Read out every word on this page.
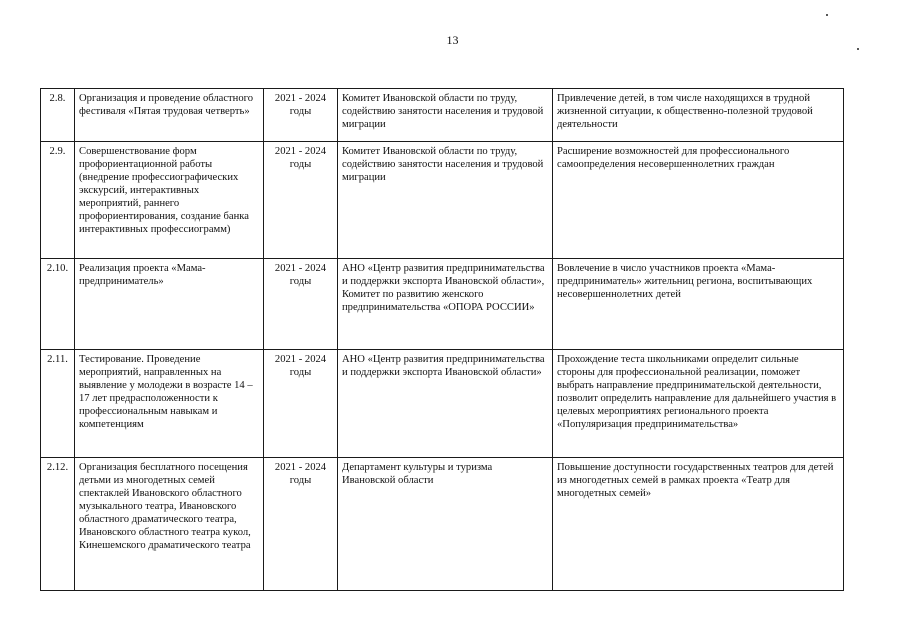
13
2.8.	Организация и проведение областного фестиваля «Пятая трудовая четверть»	2021 - 2024 годы	Комитет Ивановской области по труду, содействию занятости населения и трудовой миграции	Привлечение детей, в том числе находящихся в трудной жизненной ситуации, к общественно-полезной трудовой деятельности
2.9.	Совершенствование форм профориентационной работы (внедрение профессиографических экскурсий, интерактивных мероприятий, раннего профориентирования, создание банка интерактивных профессиограмм)	2021 - 2024 годы	Комитет Ивановской области по труду, содействию занятости населения и трудовой миграции	Расширение возможностей для профессионального самоопределения несовершеннолетних граждан
2.10.	Реализация проекта «Мама-предприниматель»	2021 - 2024 годы	АНО «Центр развития предпринимательства и поддержки экспорта Ивановской области», Комитет по развитию женского предпринимательства «ОПОРА РОССИИ»	Вовлечение в число участников проекта «Мама-предприниматель» жительниц региона, воспитывающих несовершеннолетних детей
2.11.	Тестирование. Проведение мероприятий, направленных на выявление у молодежи в возрасте 14 – 17 лет предрасположенности к профессиональным навыкам и компетенциям	2021 - 2024 годы	АНО «Центр развития предпринимательства и поддержки экспорта Ивановской области»	Прохождение теста школьниками определит сильные стороны для профессиональной реализации, поможет выбрать направление предпринимательской деятельности, позволит определить направление для дальнейшего участия в целевых мероприятиях регионального проекта «Популяризация предпринимательства»
2.12.	Организация бесплатного посещения детьми из многодетных семей спектаклей Ивановского областного музыкального театра, Ивановского областного драматического театра, Ивановского областного театра кукол, Кинешемского драматического театра	2021 - 2024 годы	Департамент культуры и туризма Ивановской области	Повышение доступности государственных театров для детей из многодетных семей в рамках проекта «Театр для многодетных семей»
